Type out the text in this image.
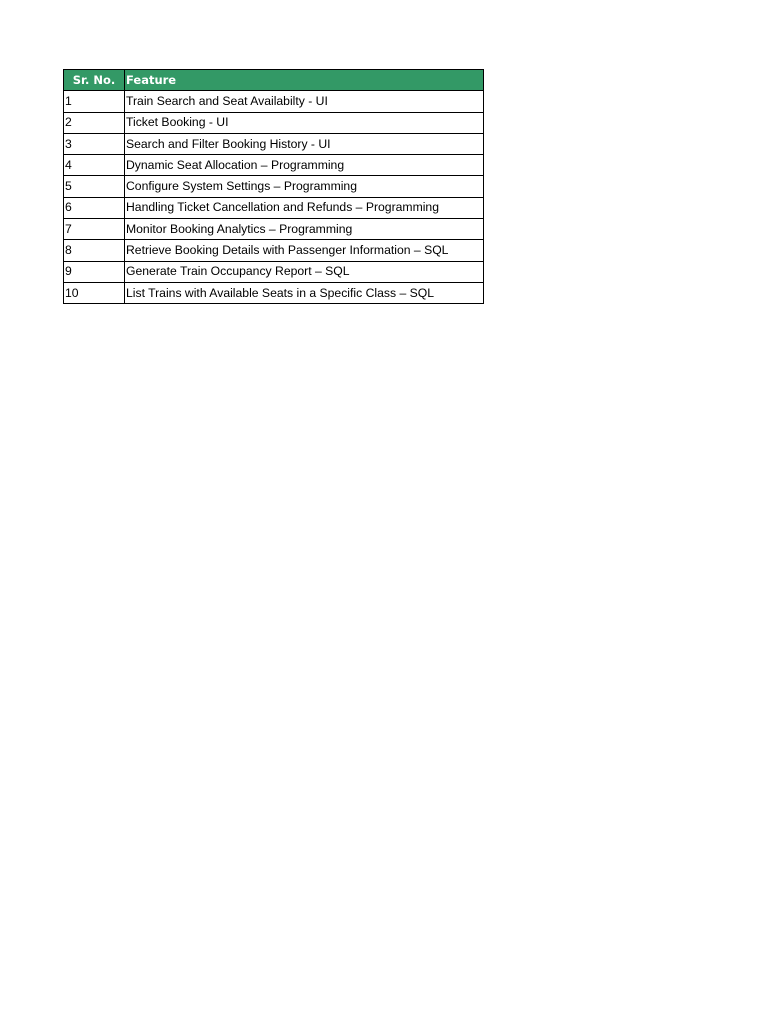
Sr. No.	Feature
1	Train Search and Seat Availabilty - UI
2	Ticket Booking - UI
3	Search and Filter Booking History - UI
4	Dynamic Seat Allocation – Programming
5	Configure System Settings – Programming
6	Handling Ticket Cancellation and Refunds – Programming
7	Monitor Booking Analytics – Programming
8	Retrieve Booking Details with Passenger Information – SQL
9	Generate Train Occupancy Report – SQL
10	List Trains with Available Seats in a Specific Class – SQL
